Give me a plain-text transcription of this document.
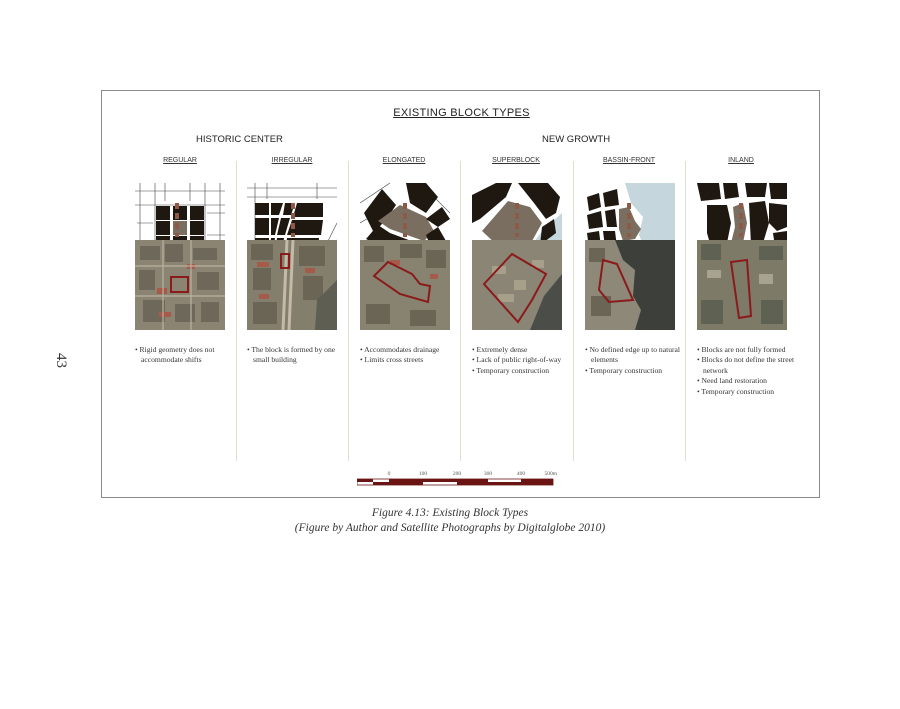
43
EXISTING BLOCK TYPES
HISTORIC CENTER	NEW GROWTH
REGULAR
• Rigid geometry does not accommodate shifts
IRREGULAR
• The block is formed by one small building
ELONGATED
• Accommodates drainage
• Limits cross streets
SUPERBLOCK
• Extremely dense
• Lack of public right-of-way
• Temporary construction
BASSIN-FRONT
• No defined edge up to natural elements
• Temporary construction
INLAND
• Blocks are not fully formed
• Blocks do not define the street network
• Need land restoration
• Temporary construction
0	100	200	300	400	500m
Figure 4.13: Existing Block Types
(Figure by Author and Satellite Photographs by Digitalglobe 2010)
